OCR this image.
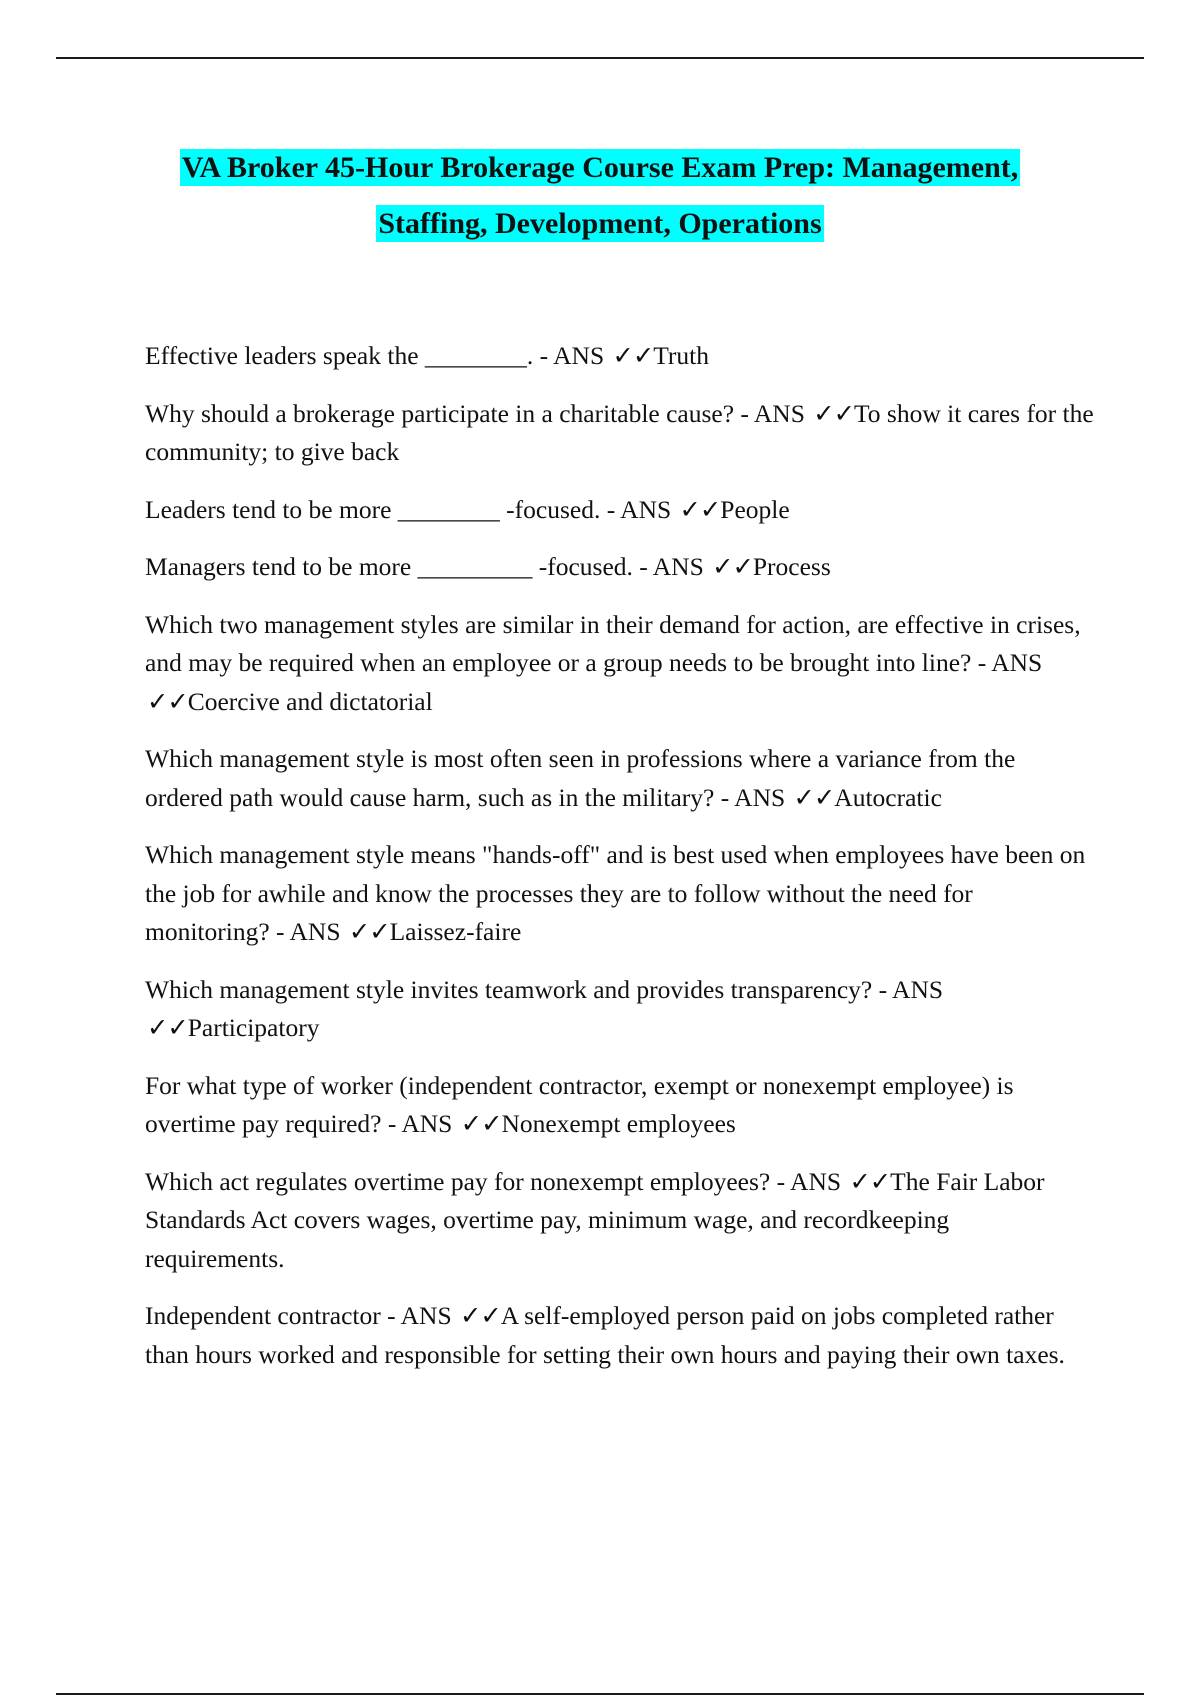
VA Broker 45-Hour Brokerage Course Exam Prep: Management,
Staffing, Development, Operations

Effective leaders speak the ________. - ANS ✓✓Truth

Why should a brokerage participate in a charitable cause? - ANS ✓✓To show it cares for the community; to give back

Leaders tend to be more ________ -focused. - ANS ✓✓People

Managers tend to be more _________ -focused. - ANS ✓✓Process

Which two management styles are similar in their demand for action, are effective in crises, and may be required when an employee or a group needs to be brought into line? - ANS ✓✓Coercive and dictatorial

Which management style is most often seen in professions where a variance from the ordered path would cause harm, such as in the military? - ANS ✓✓Autocratic

Which management style means "hands-off" and is best used when employees have been on the job for awhile and know the processes they are to follow without the need for monitoring? - ANS ✓✓Laissez-faire

Which management style invites teamwork and provides transparency? - ANS ✓✓Participatory

For what type of worker (independent contractor, exempt or nonexempt employee) is overtime pay required? - ANS ✓✓Nonexempt employees

Which act regulates overtime pay for nonexempt employees? - ANS ✓✓The Fair Labor Standards Act covers wages, overtime pay, minimum wage, and recordkeeping requirements.

Independent contractor - ANS ✓✓A self-employed person paid on jobs completed rather than hours worked and responsible for setting their own hours and paying their own taxes.
